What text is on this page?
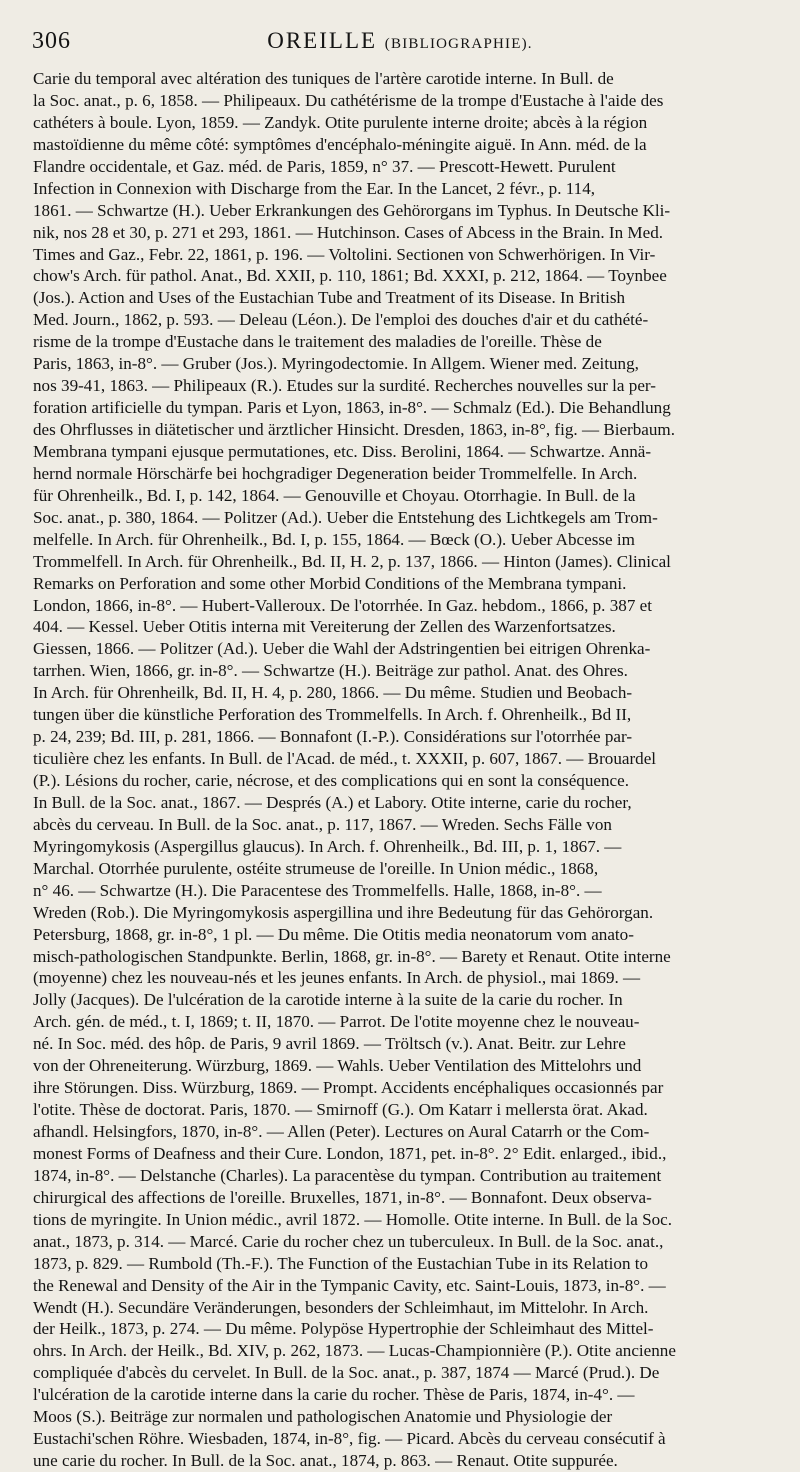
306	OREILLE (BIBLIOGRAPHIE).
Carie du temporal avec altération des tuniques de l'artère carotide interne. In Bull. de
la Soc. anat., p. 6, 1858. — Philipeaux. Du cathétérisme de la trompe d'Eustache à l'aide des
cathéters à boule. Lyon, 1859. — Zandyk. Otite purulente interne droite; abcès à la région
mastoïdienne du même côté: symptômes d'encéphalo-méningite aiguë. In Ann. méd. de la
Flandre occidentale, et Gaz. méd. de Paris, 1859, n° 37. — Prescott-Hewett. Purulent
Infection in Connexion with Discharge from the Ear. In the Lancet, 2 févr., p. 114,
1861. — Schwartze (H.). Ueber Erkrankungen des Gehörorgans im Typhus. In Deutsche Kli-
nik, nos 28 et 30, p. 271 et 293, 1861. — Hutchinson. Cases of Abcess in the Brain. In Med.
Times and Gaz., Febr. 22, 1861, p. 196. — Voltolini. Sectionen von Schwerhörigen. In Vir-
chow's Arch. für pathol. Anat., Bd. XXII, p. 110, 1861; Bd. XXXI, p. 212, 1864. — Toynbee
(Jos.). Action and Uses of the Eustachian Tube and Treatment of its Disease. In British
Med. Journ., 1862, p. 593. — Deleau (Léon.). De l'emploi des douches d'air et du cathété-
risme de la trompe d'Eustache dans le traitement des maladies de l'oreille. Thèse de
Paris, 1863, in-8°. — Gruber (Jos.). Myringodectomie. In Allgem. Wiener med. Zeitung,
nos 39-41, 1863. — Philipeaux (R.). Etudes sur la surdité. Recherches nouvelles sur la per-
foration artificielle du tympan. Paris et Lyon, 1863, in-8°. — Schmalz (Ed.). Die Behandlung
des Ohrflusses in diätetischer und ärztlicher Hinsicht. Dresden, 1863, in-8°, fig. — Bierbaum.
Membrana tympani ejusque permutationes, etc. Diss. Berolini, 1864. — Schwartze. Annä-
hernd normale Hörschärfe bei hochgradiger Degeneration beider Trommelfelle. In Arch.
für Ohrenheilk., Bd. I, p. 142, 1864. — Genouville et Choyau. Otorrhagie. In Bull. de la
Soc. anat., p. 380, 1864. — Politzer (Ad.). Ueber die Entstehung des Lichtkegels am Trom-
melfelle. In Arch. für Ohrenheilk., Bd. I, p. 155, 1864. — Bœck (O.). Ueber Abcesse im
Trommelfell. In Arch. für Ohrenheilk., Bd. II, H. 2, p. 137, 1866. — Hinton (James). Clinical
Remarks on Perforation and some other Morbid Conditions of the Membrana tympani.
London, 1866, in-8°. — Hubert-Valleroux. De l'otorrhée. In Gaz. hebdom., 1866, p. 387 et
404. — Kessel. Ueber Otitis interna mit Vereiterung der Zellen des Warzenfortsatzes.
Giessen, 1866. — Politzer (Ad.). Ueber die Wahl der Adstringentien bei eitrigen Ohrenka-
tarrhen. Wien, 1866, gr. in-8°. — Schwartze (H.). Beiträge zur pathol. Anat. des Ohres.
In Arch. für Ohrenheilk, Bd. II, H. 4, p. 280, 1866. — Du même. Studien und Beobach-
tungen über die künstliche Perforation des Trommelfells. In Arch. f. Ohrenheilk., Bd II,
p. 24, 239; Bd. III, p. 281, 1866. — Bonnafont (I.-P.). Considérations sur l'otorrhée par-
ticulière chez les enfants. In Bull. de l'Acad. de méd., t. XXXII, p. 607, 1867. — Brouardel
(P.). Lésions du rocher, carie, nécrose, et des complications qui en sont la conséquence.
In Bull. de la Soc. anat., 1867. — Després (A.) et Labory. Otite interne, carie du rocher,
abcès du cerveau. In Bull. de la Soc. anat., p. 117, 1867. — Wreden. Sechs Fälle von
Myringomykosis (Aspergillus glaucus). In Arch. f. Ohrenheilk., Bd. III, p. 1, 1867. —
Marchal. Otorrhée purulente, ostéite strumeuse de l'oreille. In Union médic., 1868,
n° 46. — Schwartze (H.). Die Paracentese des Trommelfells. Halle, 1868, in-8°. —
Wreden (Rob.). Die Myringomykosis aspergillina und ihre Bedeutung für das Gehörorgan.
Petersburg, 1868, gr. in-8°, 1 pl. — Du même. Die Otitis media neonatorum vom anato-
misch-pathologischen Standpunkte. Berlin, 1868, gr. in-8°. — Barety et Renaut. Otite interne
(moyenne) chez les nouveau-nés et les jeunes enfants. In Arch. de physiol., mai 1869. —
Jolly (Jacques). De l'ulcération de la carotide interne à la suite de la carie du rocher. In
Arch. gén. de méd., t. I, 1869; t. II, 1870. — Parrot. De l'otite moyenne chez le nouveau-
né. In Soc. méd. des hôp. de Paris, 9 avril 1869. — Tröltsch (v.). Anat. Beitr. zur Lehre
von der Ohreneiterung. Würzburg, 1869. — Wahls. Ueber Ventilation des Mittelohrs und
ihre Störungen. Diss. Würzburg, 1869. — Prompt. Accidents encéphaliques occasionnés par
l'otite. Thèse de doctorat. Paris, 1870. — Smirnoff (G.). Om Katarr i mellersta örat. Akad.
afhandl. Helsingfors, 1870, in-8°. — Allen (Peter). Lectures on Aural Catarrh or the Com-
monest Forms of Deafness and their Cure. London, 1871, pet. in-8°. 2° Edit. enlarged., ibid.,
1874, in-8°. — Delstanche (Charles). La paracentèse du tympan. Contribution au traitement
chirurgical des affections de l'oreille. Bruxelles, 1871, in-8°. — Bonnafont. Deux observa-
tions de myringite. In Union médic., avril 1872. — Homolle. Otite interne. In Bull. de la Soc.
anat., 1873, p. 314. — Marcé. Carie du rocher chez un tuberculeux. In Bull. de la Soc. anat.,
1873, p. 829. — Rumbold (Th.-F.). The Function of the Eustachian Tube in its Relation to
the Renewal and Density of the Air in the Tympanic Cavity, etc. Saint-Louis, 1873, in-8°. —
Wendt (H.). Secundäre Veränderungen, besonders der Schleimhaut, im Mittelohr. In Arch.
der Heilk., 1873, p. 274. — Du même. Polypöse Hypertrophie der Schleimhaut des Mittel-
ohrs. In Arch. der Heilk., Bd. XIV, p. 262, 1873. — Lucas-Championnière (P.). Otite ancienne
compliquée d'abcès du cervelet. In Bull. de la Soc. anat., p. 387, 1874 — Marcé (Prud.). De
l'ulcération de la carotide interne dans la carie du rocher. Thèse de Paris, 1874, in-4°. —
Moos (S.). Beiträge zur normalen und pathologischen Anatomie und Physiologie der
Eustachi'schen Röhre. Wiesbaden, 1874, in-8°, fig. — Picard. Abcès du cerveau consécutif à
une carie du rocher. In Bull. de la Soc. anat., 1874, p. 863. — Renaut. Otite suppurée.
